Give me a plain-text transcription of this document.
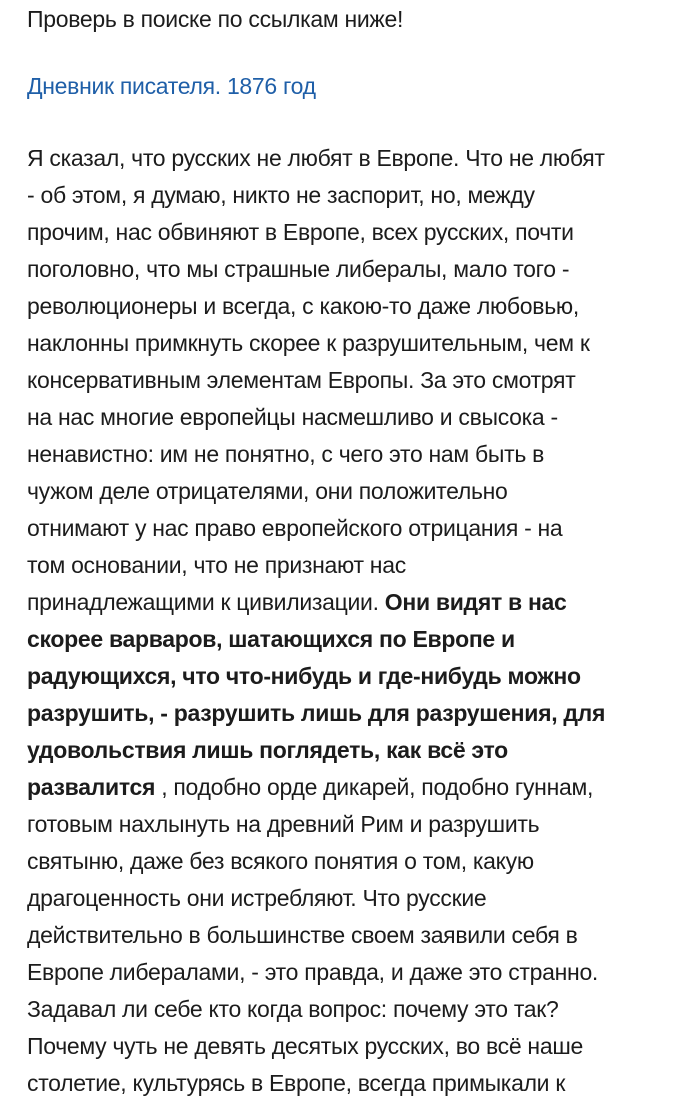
Проверь в поиске по ссылкам ниже!
Дневник писателя. 1876 год
Я сказал, что русских не любят в Европе. Что не любят
- об этом, я думаю, никто не заспорит, но, между
прочим, нас обвиняют в Европе, всех русских, почти
поголовно, что мы страшные либералы, мало того -
революционеры и всегда, с какою-то даже любовью,
наклонны примкнуть скорее к разрушительным, чем к
консервативным элементам Европы. За это смотрят
на нас многие европейцы насмешливо и свысока -
ненавистно: им не понятно, с чего это нам быть в
чужом деле отрицателями, они положительно
отнимают у нас право европейского отрицания - на
том основании, что не признают нас
принадлежащими к цивилизации. Они видят в нас
скорее варваров, шатающихся по Европе и
радующихся, что что-нибудь и где-нибудь можно
разрушить, - разрушить лишь для разрушения, для
удовольствия лишь поглядеть, как всё это
развалится , подобно орде дикарей, подобно гуннам,
готовым нахлынуть на древний Рим и разрушить
святыню, даже без всякого понятия о том, какую
драгоценность они истребляют. Что русские
действительно в большинстве своем заявили себя в
Европе либералами, - это правда, и даже это странно.
Задавал ли себе кто когда вопрос: почему это так?
Почему чуть не девять десятых русских, во всё наше
столетие, культурясь в Европе, всегда примыкали к
